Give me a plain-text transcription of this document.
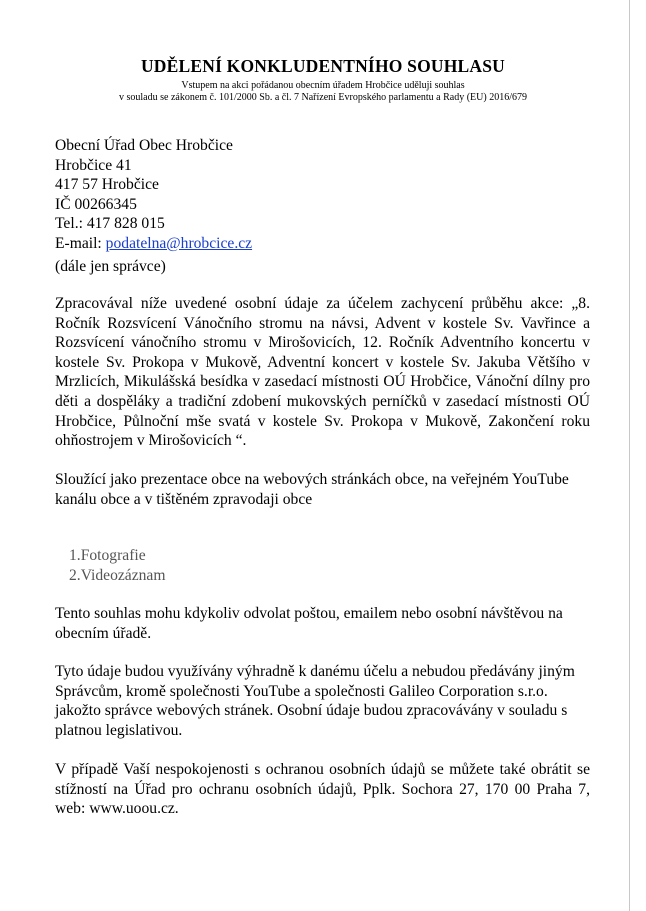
UDĚLENÍ KONKLUDENTNÍHO SOUHLASU
Vstupem na akci pořádanou obecním úřadem Hrobčice uděluji souhlas
v souladu se zákonem č. 101/2000 Sb. a čl. 7 Nařízení Evropského parlamentu a Rady (EU) 2016/679
Obecní Úřad Obec Hrobčice
Hrobčice 41
417 57 Hrobčice
IČ 00266345
Tel.: 417 828 015
E-mail: podatelna@hrobcice.cz
(dále jen správce)
Zpracovával níže uvedené osobní údaje za účelem zachycení průběhu akce: „8. Ročník Rozsvícení Vánočního stromu na návsi, Advent v kostele Sv. Vavřince a Rozsvícení vánočního stromu v Mirošovicích, 12. Ročník Adventního koncertu v kostele Sv. Prokopa v Mukově, Adventní koncert v kostele Sv. Jakuba Většího v Mrzlicích, Mikulášská besídka v zasedací místnosti OÚ Hrobčice, Vánoční dílny pro děti a dospěláky a tradiční zdobení mukovských perníčků v zasedací místnosti OÚ Hrobčice, Půlnoční mše svatá v kostele Sv. Prokopa v Mukově, Zakončení roku ohňostrojem v Mirošovicích “.
Sloužící jako prezentace obce na webových stránkách obce, na veřejném YouTube kanálu obce a v tištěném zpravodaji obce
1.Fotografie
2.Videozáznam
Tento souhlas mohu kdykoliv odvolat poštou, emailem nebo osobní návštěvou na obecním úřadě.
Tyto údaje budou využívány výhradně k danému účelu a nebudou předávány jiným Správcům, kromě společnosti YouTube a společnosti Galileo Corporation s.r.o. jakožto správce webových stránek. Osobní údaje budou zpracovávány v souladu s platnou legislativou.
V případě Vaší nespokojenosti s ochranou osobních údajů se můžete také obrátit se stížností na Úřad pro ochranu osobních údajů, Pplk. Sochora 27, 170 00 Praha 7, web: www.uoou.cz.
